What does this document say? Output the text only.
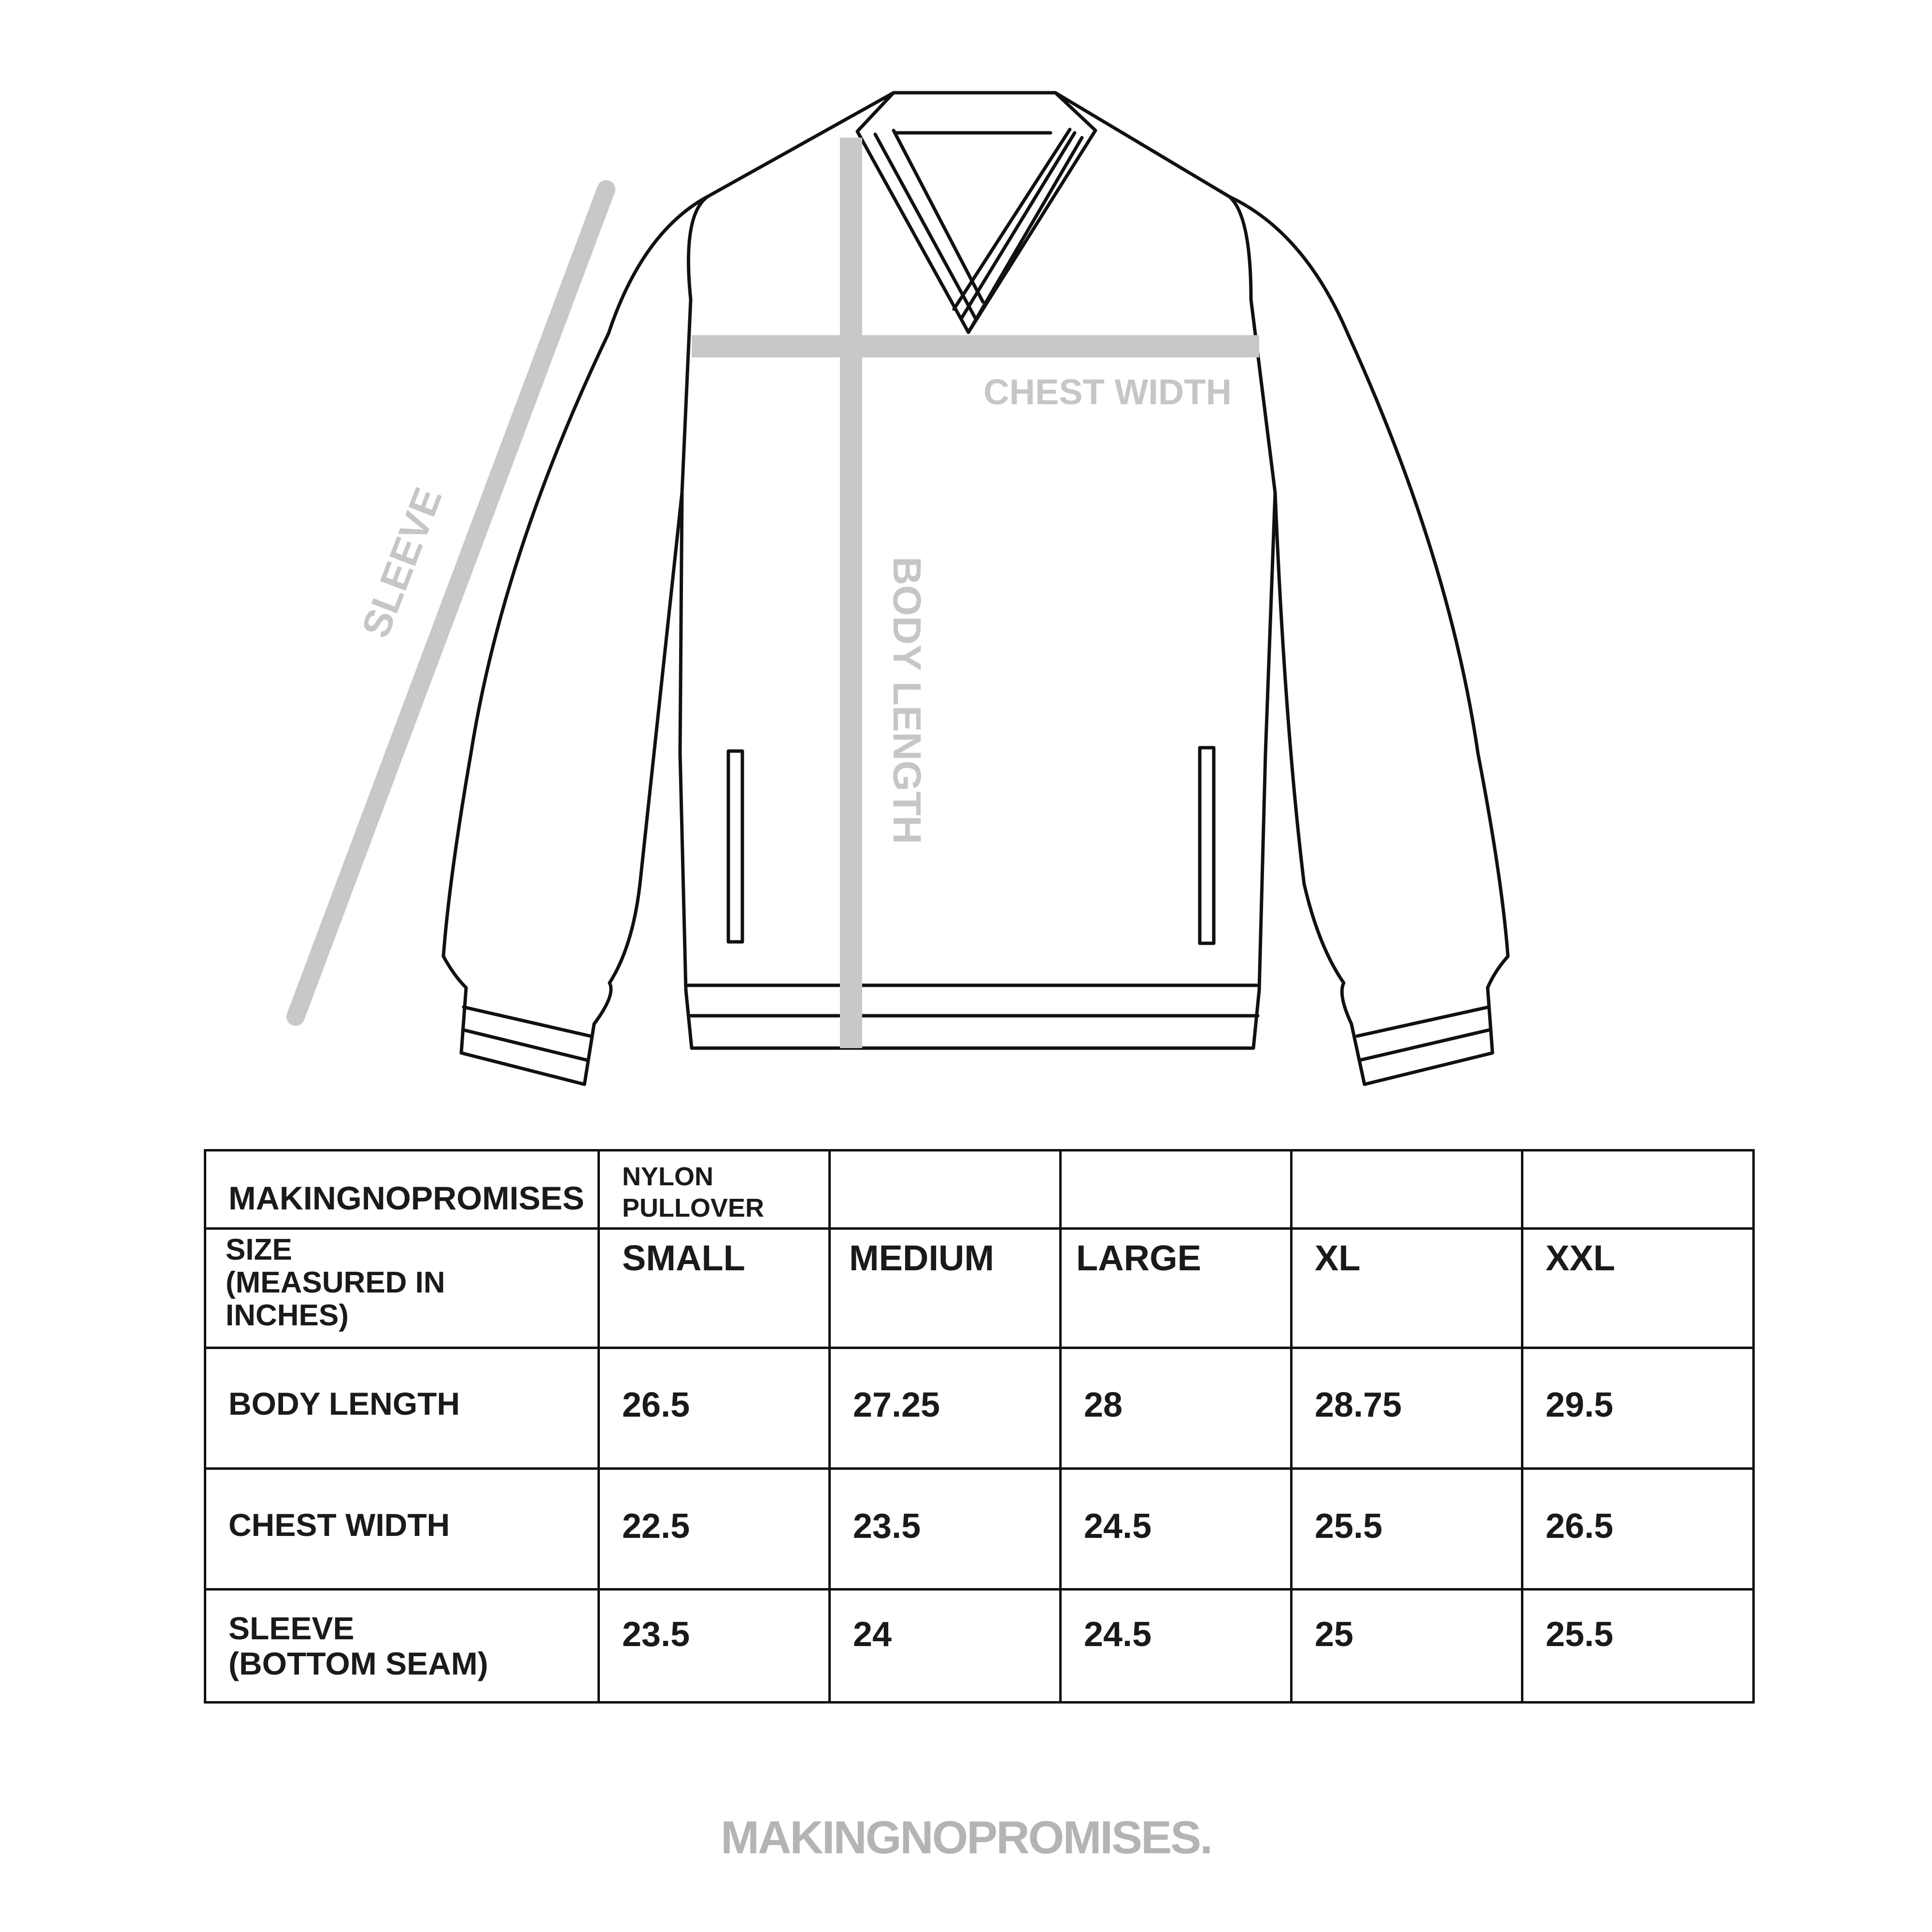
SLEEVE
CHEST WIDTH
BODY LENGTH
MAKINGNOPROMISES	NYLON
PULLOVER				

SIZE
(MEASURED IN
INCHES)	SMALL	MEDIUM	LARGE	XL	XXL

BODY LENGTH	26.5	27.25	28	28.75	29.5

CHEST WIDTH	22.5	23.5	24.5	25.5	26.5

SLEEVE
(BOTTOM SEAM)	23.5	24	24.5	25	25.5
MAKINGNOPROMISES.
